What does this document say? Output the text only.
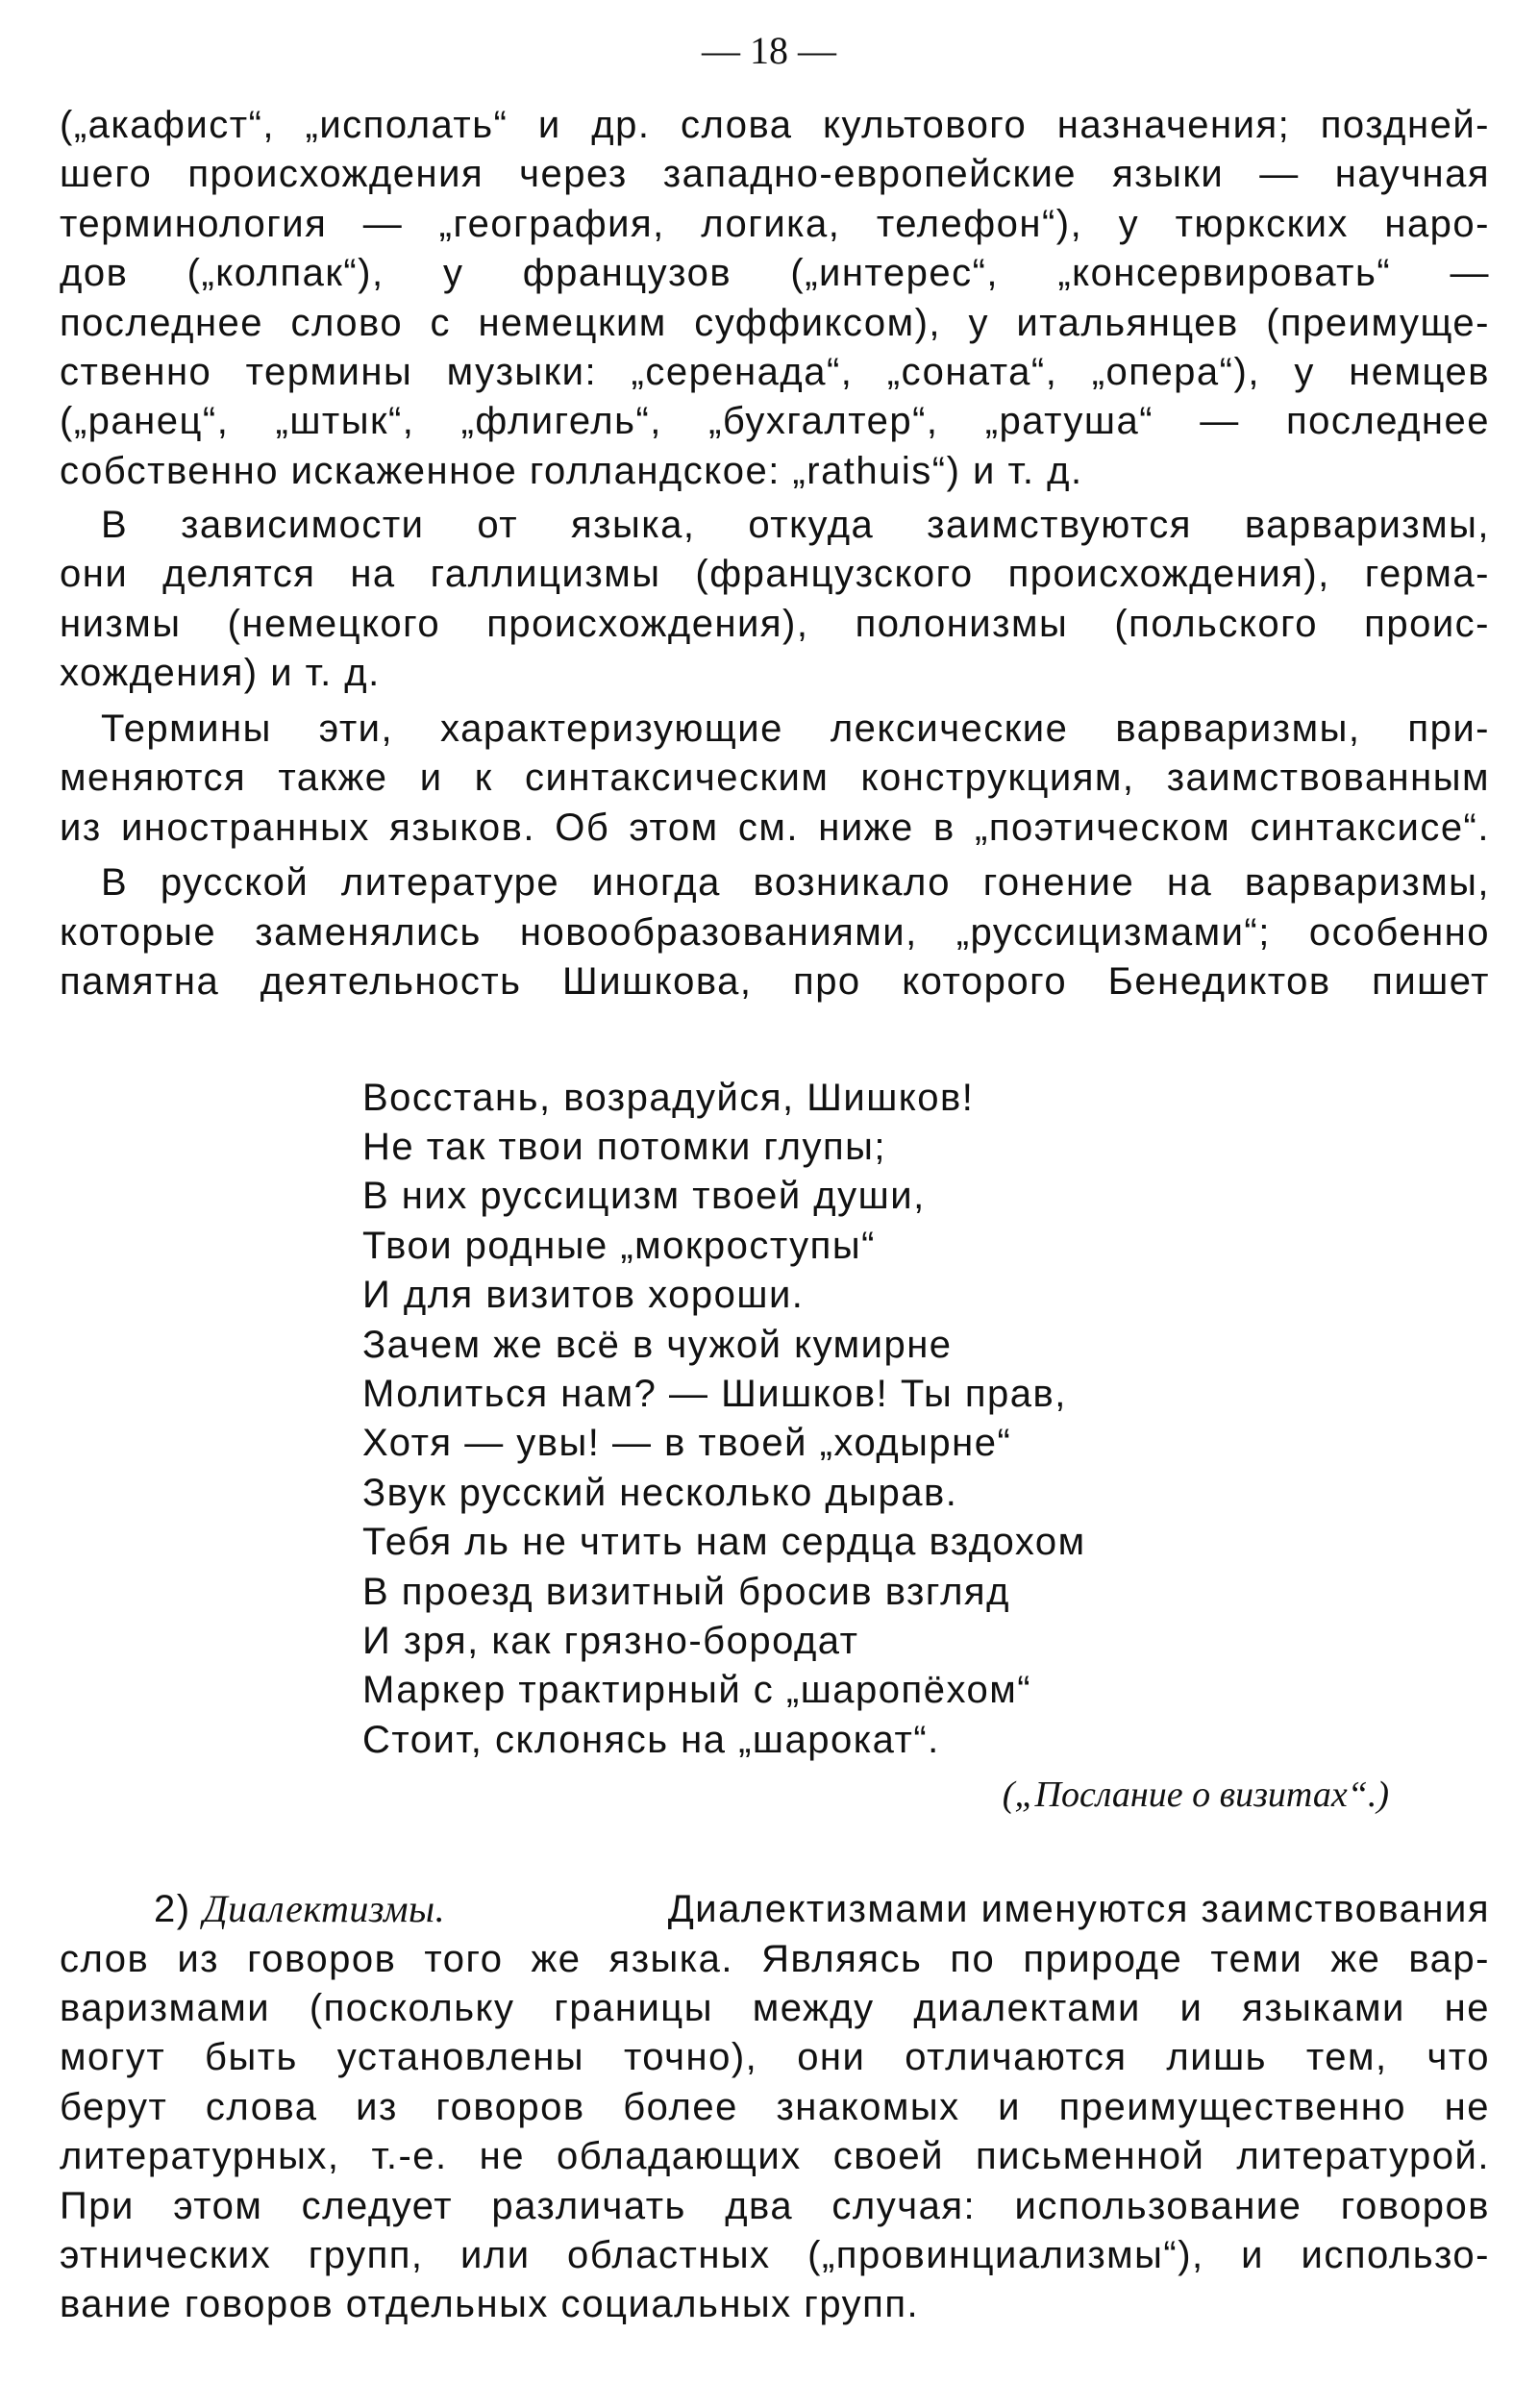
— 18 —
(„акафист“, „исполать“ и др. слова культового назначения; поздней-
шего происхождения через западно-европейские языки — научная
терминология — „география, логика, телефон“), у тюркских наро-
дов („колпак“), у французов („интерес“, „консервировать“ —
последнее слово с немецким суффиксом), у итальянцев (преимуще-
ственно термины музыки: „серенада“, „соната“, „опера“), у немцев
(„ранец“, „штык“, „флигель“, „бухгалтер“, „ратуша“ — последнее
собственно искаженное голландское: „rathuis“) и т. д.
В зависимости от языка, откуда заимствуются варваризмы,
они делятся на галлицизмы (французского происхождения), герма-
низмы (немецкого происхождения), полонизмы (польского проис-
хождения) и т. д.
Термины эти, характеризующие лексические варваризмы, при-
меняются также и к синтаксическим конструкциям, заимствованным
из иностранных языков. Об этом см. ниже в „поэтическом синтаксисе“.
В русской литературе иногда возникало гонение на варваризмы,
которые заменялись новообразованиями, „руссицизмами“; особенно
памятна деятельность Шишкова, про которого Бенедиктов пишет
Восстань, возрадуйся, Шишков!
Не так твои потомки глупы;
В них руссицизм твоей души,
Твои родные „мокроступы“
И для визитов хороши.
Зачем же всё в чужой кумирне
Молиться нам? — Шишков! Ты прав,
Хотя — увы! — в твоей „ходырне“
Звук русский несколько дырав.
Тебя ль не чтить нам сердца вздохом
В проезд визитный бросив взгляд
И зря, как грязно-бородат
Маркер трактирный с „шаропёхом“
Стоит, склонясь на „шарокат“.
(„Послание о визитах“.)
2) Диалектизмы.	Диалектизмами именуются заимствования
слов из говоров того же языка. Являясь по природе теми же вар-
варизмами (поскольку границы между диалектами и языками не
могут быть установлены точно), они отличаются лишь тем, что
берут слова из говоров более знакомых и преимущественно не
литературных, т.-е. не обладающих своей письменной литературой.
При этом следует различать два случая: использование говоров
этнических групп, или областных („провинциализмы“), и использо-
вание говоров отдельных социальных групп.
